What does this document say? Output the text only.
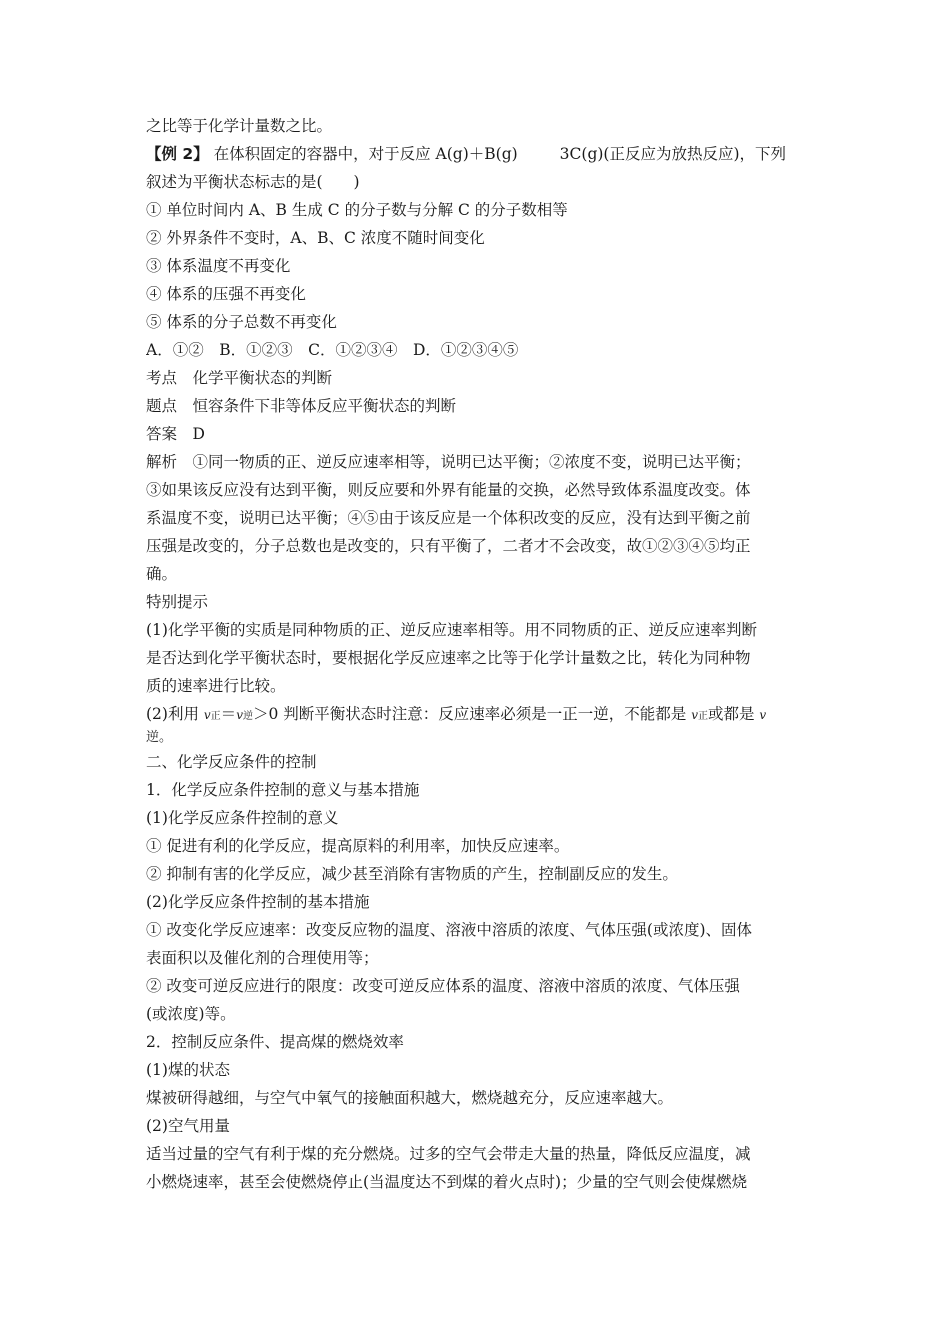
之比等于化学计量数之比。
【例 2】 在体积固定的容器中，对于反应 A(g)＋B(g)	3C(g)(正反应为放热反应)，下列
叙述为平衡状态标志的是(　　)
① 单位时间内 A、B 生成 C 的分子数与分解 C 的分子数相等
② 外界条件不变时，A、B、C 浓度不随时间变化
③ 体系温度不再变化
④ 体系的压强不再变化
⑤ 体系的分子总数不再变化
A．①②　B．①②③　C．①②③④　D．①②③④⑤
考点　化学平衡状态的判断
题点　恒容条件下非等体反应平衡状态的判断
答案　D
解析　①同一物质的正、逆反应速率相等，说明已达平衡；②浓度不变，说明已达平衡；
③如果该反应没有达到平衡，则反应要和外界有能量的交换，必然导致体系温度改变。体
系温度不变，说明已达平衡；④⑤由于该反应是一个体积改变的反应，没有达到平衡之前
压强是改变的，分子总数也是改变的，只有平衡了，二者才不会改变，故①②③④⑤均正
确。
特别提示
(1)化学平衡的实质是同种物质的正、逆反应速率相等。用不同物质的正、逆反应速率判断
是否达到化学平衡状态时，要根据化学反应速率之比等于化学计量数之比，转化为同种物
质的速率进行比较。
(2)利用 v正＝v逆＞0 判断平衡状态时注意：反应速率必须是一正一逆，不能都是 v正或都是 v
逆。
二、化学反应条件的控制
1．化学反应条件控制的意义与基本措施
(1)化学反应条件控制的意义
① 促进有利的化学反应，提高原料的利用率，加快反应速率。
② 抑制有害的化学反应，减少甚至消除有害物质的产生，控制副反应的发生。
(2)化学反应条件控制的基本措施
① 改变化学反应速率：改变反应物的温度、溶液中溶质的浓度、气体压强(或浓度)、固体
表面积以及催化剂的合理使用等；
② 改变可逆反应进行的限度：改变可逆反应体系的温度、溶液中溶质的浓度、气体压强
(或浓度)等。
2．控制反应条件、提高煤的燃烧效率
(1)煤的状态
煤被研得越细，与空气中氧气的接触面积越大，燃烧越充分，反应速率越大。
(2)空气用量
适当过量的空气有利于煤的充分燃烧。过多的空气会带走大量的热量，降低反应温度，减
小燃烧速率，甚至会使燃烧停止(当温度达不到煤的着火点时)；少量的空气则会使煤燃烧
